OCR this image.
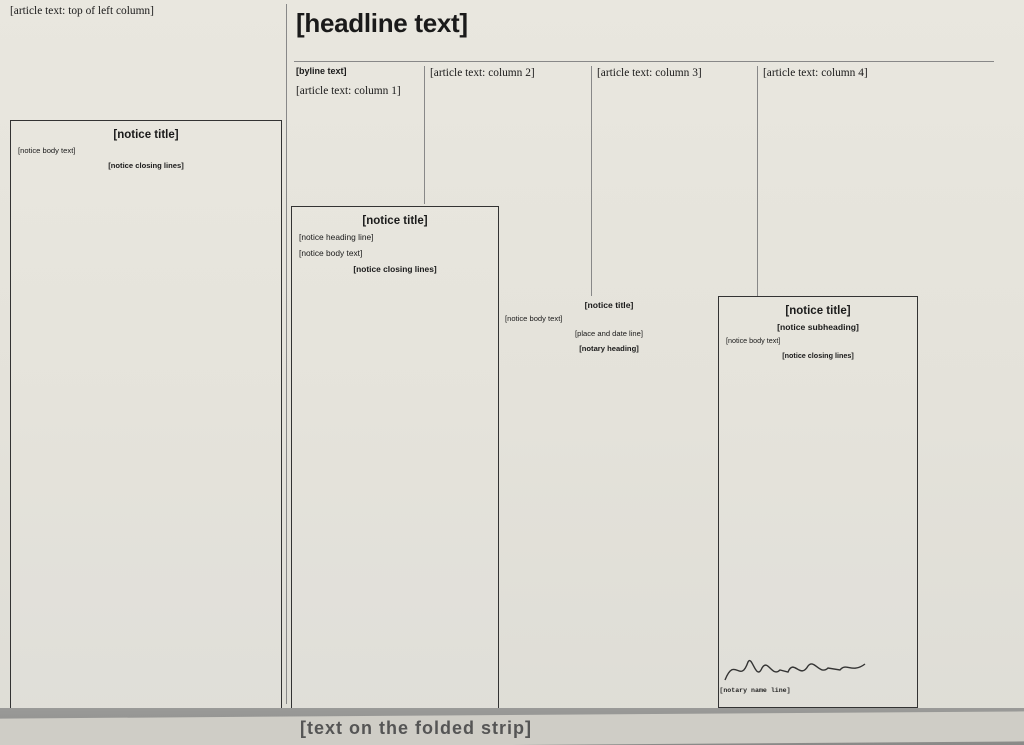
[article text: top of left column]	[headline text]
[byline text]
[notice title]

[notice body text]

[notice closing lines]

[article text: column 1]

[article text: column 2]	[article text: column 3]	[article text: column 4]

[notice title]

[notice heading line]

[notice body text]

[notice closing lines]

[notice title]

[notice body text]

[place and date line]

[notary heading]

[notary name line]
[notice title]
[notice subheading]

[notice body text]

[notice closing lines]

[text on the folded strip]
